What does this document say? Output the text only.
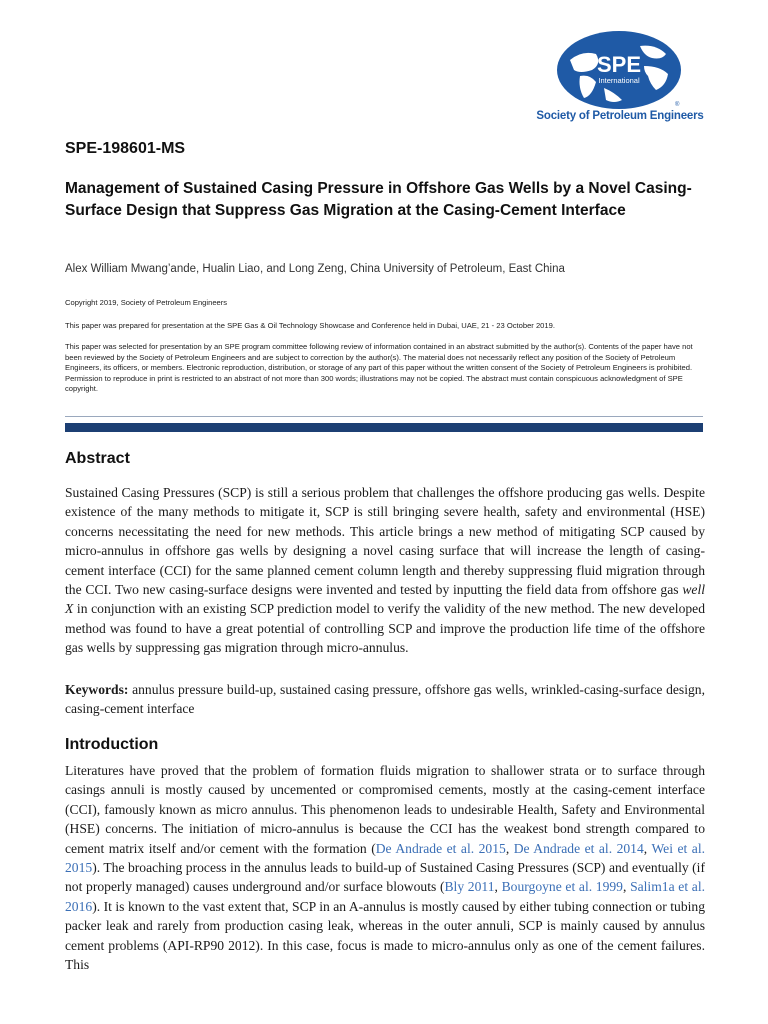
SPE
International
®
Society of Petroleum Engineers
SPE-198601-MS
Management of Sustained Casing Pressure in Offshore Gas Wells by a Novel Casing-Surface Design that Suppress Gas Migration at the Casing-Cement Interface
Alex William Mwang’ande, Hualin Liao, and Long Zeng, China University of Petroleum, East China

Copyright 2019, Society of Petroleum Engineers

This paper was prepared for presentation at the SPE Gas & Oil Technology Showcase and Conference held in Dubai, UAE, 21 - 23 October 2019.

This paper was selected for presentation by an SPE program committee following review of information contained in an abstract submitted by the author(s). Contents of the paper have not been reviewed by the Society of Petroleum Engineers and are subject to correction by the author(s). The material does not necessarily reflect any position of the Society of Petroleum Engineers, its officers, or members. Electronic reproduction, distribution, or storage of any part of this paper without the written consent of the Society of Petroleum Engineers is prohibited. Permission to reproduce in print is restricted to an abstract of not more than 300 words; illustrations may not be copied. The abstract must contain conspicuous acknowledgment of SPE copyright.

Abstract

Sustained Casing Pressures (SCP) is still a serious problem that challenges the offshore producing gas wells. Despite existence of the many methods to mitigate it, SCP is still bringing severe health, safety and environmental (HSE) concerns necessitating the need for new methods. This article brings a new method of mitigating SCP caused by micro-annulus in offshore gas wells by designing a novel casing surface that will increase the length of casing-cement interface (CCI) for the same planned cement column length and thereby suppressing fluid migration through the CCI. Two new casing-surface designs were invented and tested by inputting the field data from offshore gas well X in conjunction with an existing SCP prediction model to verify the validity of the new method. The new developed method was found to have a great potential of controlling SCP and improve the production life time of the offshore gas wells by suppressing gas migration through micro-annulus.

Keywords: annulus pressure build-up, sustained casing pressure, offshore gas wells, wrinkled-casing-surface design, casing-cement interface

Introduction

Literatures have proved that the problem of formation fluids migration to shallower strata or to surface through casings annuli is mostly caused by uncemented or compromised cements, mostly at the casing-cement interface (CCI), famously known as micro annulus. This phenomenon leads to undesirable Health, Safety and Environmental (HSE) concerns. The initiation of micro-annulus is because the CCI has the weakest bond strength compared to cement matrix itself and/or cement with the formation (De Andrade et al. 2015, De Andrade et al. 2014, Wei et al. 2015). The broaching process in the annulus leads to build-up of Sustained Casing Pressures (SCP) and eventually (if not properly managed) causes underground and/or surface blowouts (Bly 2011, Bourgoyne et al. 1999, Salim1a et al. 2016). It is known to the vast extent that, SCP in an A-annulus is mostly caused by either tubing connection or tubing packer leak and rarely from production casing leak, whereas in the outer annuli, SCP is mainly caused by annulus cement problems (API-RP90 2012). In this case, focus is made to micro-annulus only as one of the cement failures. This
